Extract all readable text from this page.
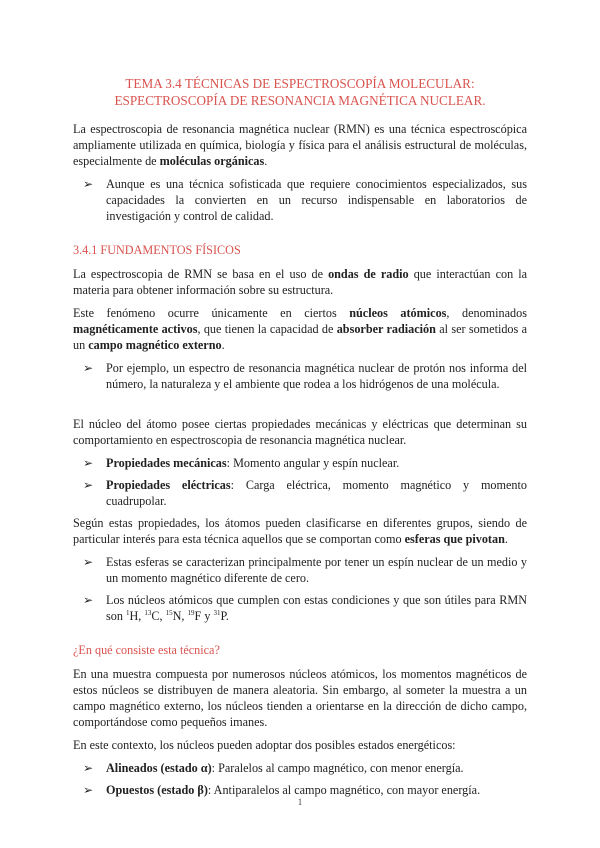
TEMA 3.4 TÉCNICAS DE ESPECTROSCOPÍA MOLECULAR:
ESPECTROSCOPÍA DE RESONANCIA MAGNÉTICA NUCLEAR.

La espectroscopia de resonancia magnética nuclear (RMN) es una técnica espectroscópica ampliamente utilizada en química, biología y física para el análisis estructural de moléculas, especialmente de moléculas orgánicas.

➢	Aunque es una técnica sofisticada que requiere conocimientos especializados, sus capacidades la convierten en un recurso indispensable en laboratorios de investigación y control de calidad.
3.4.1 FUNDAMENTOS FÍSICOS

La espectroscopia de RMN se basa en el uso de ondas de radio que interactúan con la materia para obtener información sobre su estructura.

Este fenómeno ocurre únicamente en ciertos núcleos atómicos, denominados magnéticamente activos, que tienen la capacidad de absorber radiación al ser sometidos a un campo magnético externo.

➢	Por ejemplo, un espectro de resonancia magnética nuclear de protón nos informa del número, la naturaleza y el ambiente que rodea a los hidrógenos de una molécula.

El núcleo del átomo posee ciertas propiedades mecánicas y eléctricas que determinan su comportamiento en espectroscopia de resonancia magnética nuclear.

➢	Propiedades mecánicas: Momento angular y espín nuclear.
➢	Propiedades eléctricas: Carga eléctrica, momento magnético y momento cuadrupolar.

Según estas propiedades, los átomos pueden clasificarse en diferentes grupos, siendo de particular interés para esta técnica aquellos que se comportan como esferas que pivotan.

➢	Estas esferas se caracterizan principalmente por tener un espín nuclear de un medio y un momento magnético diferente de cero.
➢	Los núcleos atómicos que cumplen con estas condiciones y que son útiles para RMN son $^1$H, $^{13}$C, $^{15}$N, $^{19}$F y $^{31}$P.
¿En qué consiste esta técnica?

En una muestra compuesta por numerosos núcleos atómicos, los momentos magnéticos de estos núcleos se distribuyen de manera aleatoria. Sin embargo, al someter la muestra a un campo magnético externo, los núcleos tienden a orientarse en la dirección de dicho campo, comportándose como pequeños imanes.

En este contexto, los núcleos pueden adoptar dos posibles estados energéticos:

➢	Alineados (estado α): Paralelos al campo magnético, con menor energía.
➢	Opuestos (estado β): Antiparalelos al campo magnético, con mayor energía.
1
